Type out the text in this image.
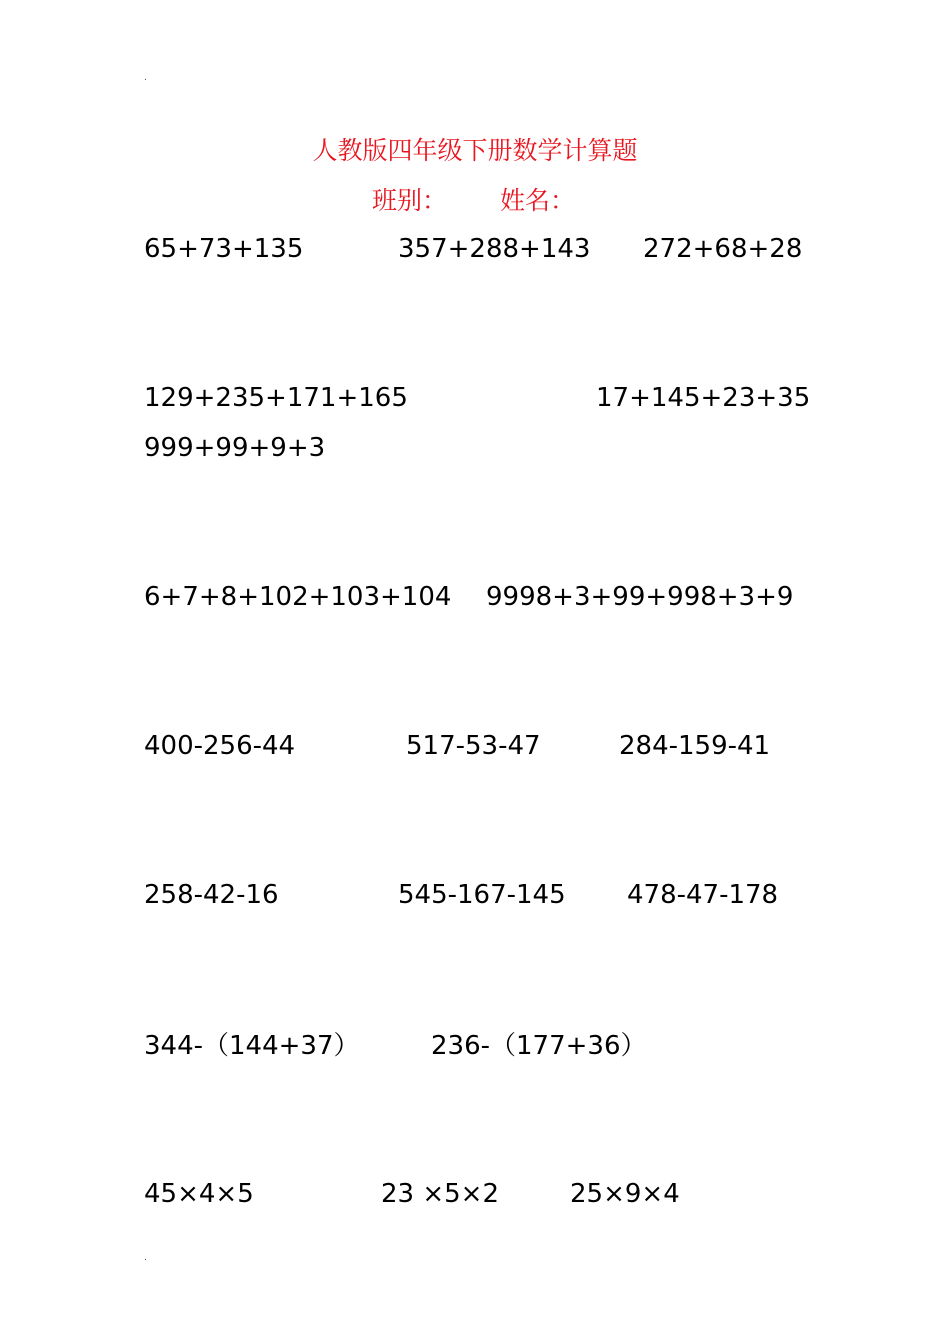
.
人教版四年级下册数学计算题
班别： 姓名：
65+73+135	357+288+143 272+68+28
129+235+171+165	17+145+23+35
999+99+9+3
6+7+8+102+103+104 9998+3+99+998+3+9
400-256-44	517-53-47	284-159-41
258-42-16	545-167-145 478-47-178
344-（144+37）	236-（177+36）
45×4×5	23 ×5×2	25×9×4
.
